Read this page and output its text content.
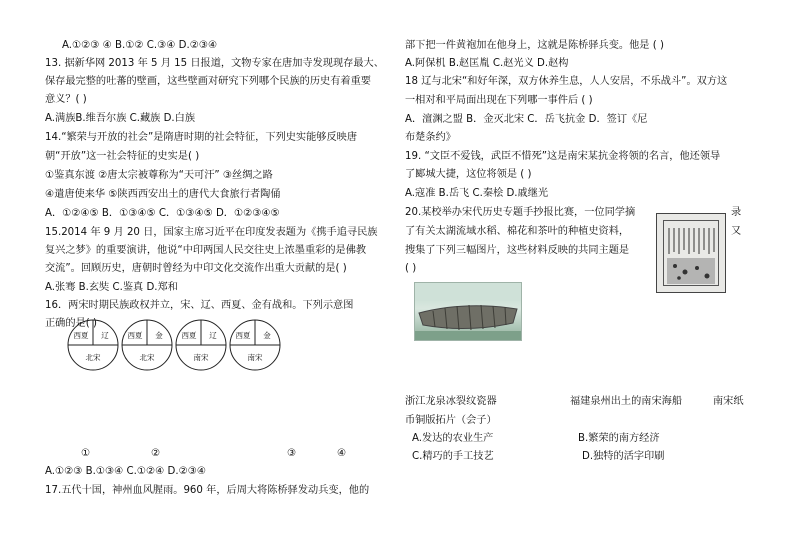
A.①②③ ④ B.①② C.③④ D.②③④
13. 据新华网 2013 年 5 月 15 日报道，文物专家在唐加寺发现现存最大、
保存最完整的吐蕃的壁画，这些壁画对研究下列哪个民族的历史有着重要
意义？( )
A.满族B.维吾尔族 C.藏族 D.白族
14.“繁荣与开放的社会”是隋唐时期的社会特征，下列史实能够反映唐
朝“开放”这一社会特征的史实是( )
①鉴真东渡 ②唐太宗被尊称为“天可汗” ③丝绸之路
④遣唐使来华 ⑤陕西西安出土的唐代大食旅行者陶俑
A．①②④⑤ B．①③④⑤ C．①③④⑤ D．①②③④⑤
15.2014 年 9 月 20 日，国家主席习近平在印度发表题为《携手追寻民族
复兴之梦》的重要演讲，他说“中印两国人民交往史上浓墨重彩的是佛教
交流”。回顾历史，唐朝时曾经为中印文化交流作出重大贡献的是( )
A.张骞 B.玄奘 C.鉴真 D.郑和
16．两宋时期民族政权并立，宋、辽、西夏、金有战和。下列示意图
正确的是( )
西夏 辽
北宋
西夏 金
北宋
西夏 辽
南宋
西夏 金
南宋
①	②	③	④
A.①②③ B.①③④ C.①②④ D.②③④
17.五代十国，神州血风腥雨。960 年，后周大将陈桥驿发动兵变，他的
部下把一件黄袍加在他身上，这就是陈桥驿兵变。他是 ( )
A.阿保机 B.赵匡胤 C.赵光义 D.赵构
18 辽与北宋“和好年深，双方休养生息，人人安居，不乐战斗”。双方这
一相对和平局面出现在下列哪一事件后 ( )
A．澶渊之盟 B．金灭北宋 C．岳飞抗金 D．签订《尼
布楚条约》
19. “文臣不爱钱，武臣不惜死”这是南宋某抗金将领的名言，他还领导
了郾城大捷，这位将领是 ( )
A.寇准 B.岳飞 C.秦桧 D.戚继光
20.某校举办宋代历史专题手抄报比赛，一位同学摘	录
了有关太湖流域水稻、棉花和茶叶的种植史资料，	又
搜集了下列三幅图片，这些材料反映的共同主题是
( )
浙江龙泉冰裂纹瓷器	福建泉州出土的南宋海船	南宋纸
币铜版拓片（会子）
A.发达的农业生产	B.繁荣的南方经济
C.精巧的手工技艺	D.独特的活字印刷
